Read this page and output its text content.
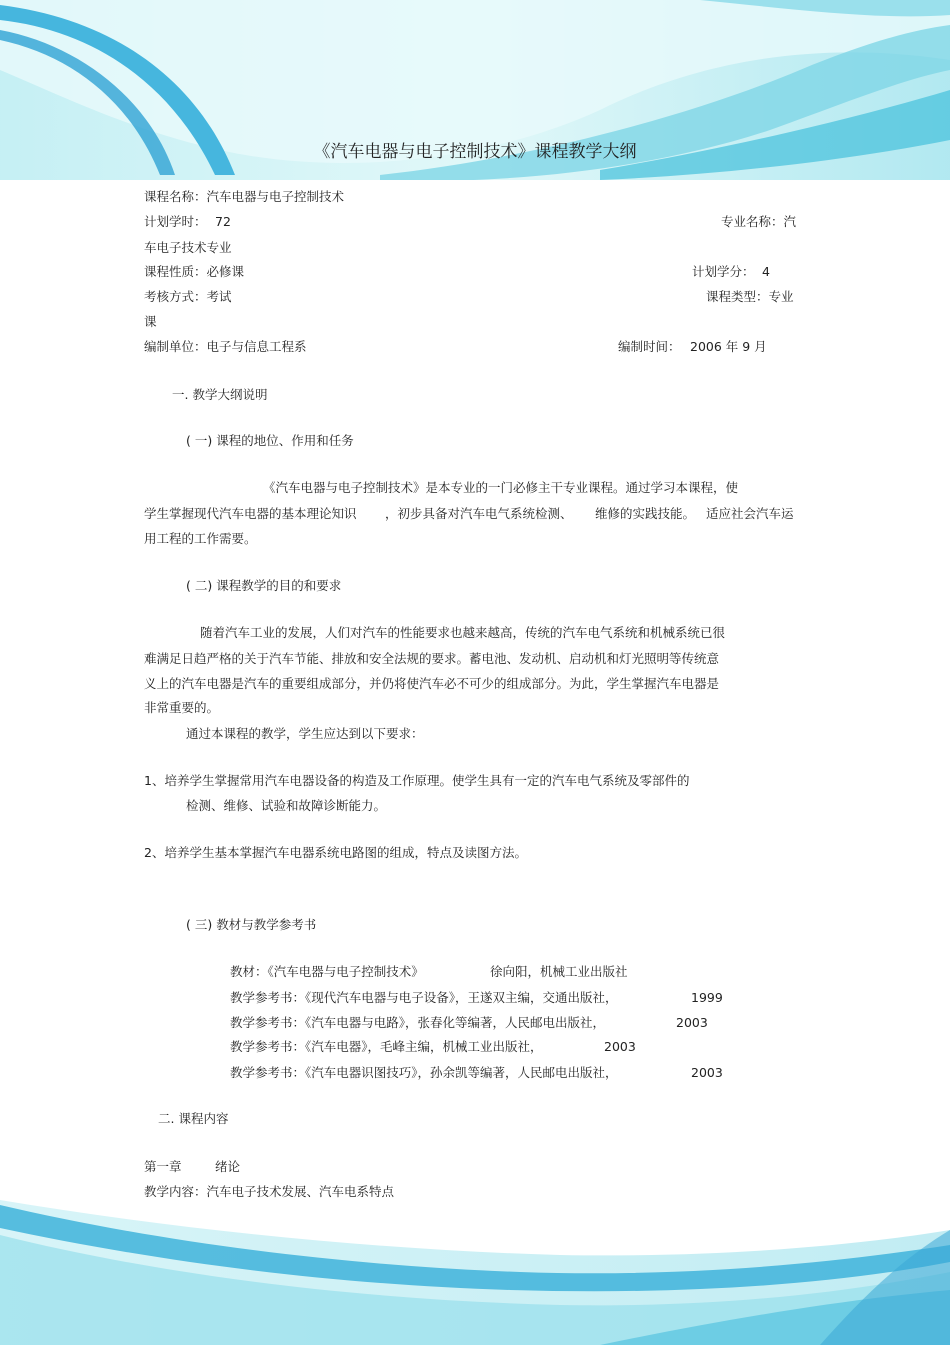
《汽车电器与电子控制技术》课程教学大纲
课程名称：汽车电器与电子控制技术
计划学时： 72	专业名称：汽
车电子技术专业
课程性质：必修课	计划学分： 4
考核方式：考试	课程类型：专业
课
编制单位：电子与信息工程系	编制时间： 2006 年 9 月
一. 教学大纲说明
( 一) 课程的地位、作用和任务
《汽车电器与电子控制技术》是本专业的一门必修主干专业课程。通过学习本课程，使
学生掌握现代汽车电器的基本理论知识 ，初步具备对汽车电气系统检测、 维修的实践技能。 适应社会汽车运
用工程的工作需要。
( 二) 课程教学的目的和要求
随着汽车工业的发展，人们对汽车的性能要求也越来越高，传统的汽车电气系统和机械系统已很
难满足日趋严格的关于汽车节能、排放和安全法规的要求。蓄电池、发动机、启动机和灯光照明等传统意
义上的汽车电器是汽车的重要组成部分，并仍将使汽车必不可少的组成部分。为此，学生掌握汽车电器是
非常重要的。
通过本课程的教学，学生应达到以下要求：
1、培养学生掌握常用汽车电器设备的构造及工作原理。使学生具有一定的汽车电气系统及零部件的
检测、维修、试验和故障诊断能力。
2、培养学生基本掌握汽车电器系统电路图的组成，特点及读图方法。
( 三) 教材与教学参考书
教材：《汽车电器与电子控制技术》	徐向阳，机械工业出版社
教学参考书：《现代汽车电器与电子设备》，王遂双主编，交通出版社，	1999
教学参考书：《汽车电器与电路》，张春化等编著，人民邮电出版社，	2003
教学参考书：《汽车电器》，毛峰主编，机械工业出版社，	2003
教学参考书：《汽车电器识图技巧》，孙余凯等编著，人民邮电出版社，	2003
二. 课程内容
第一章	绪论
教学内容：汽车电子技术发展、汽车电系特点
